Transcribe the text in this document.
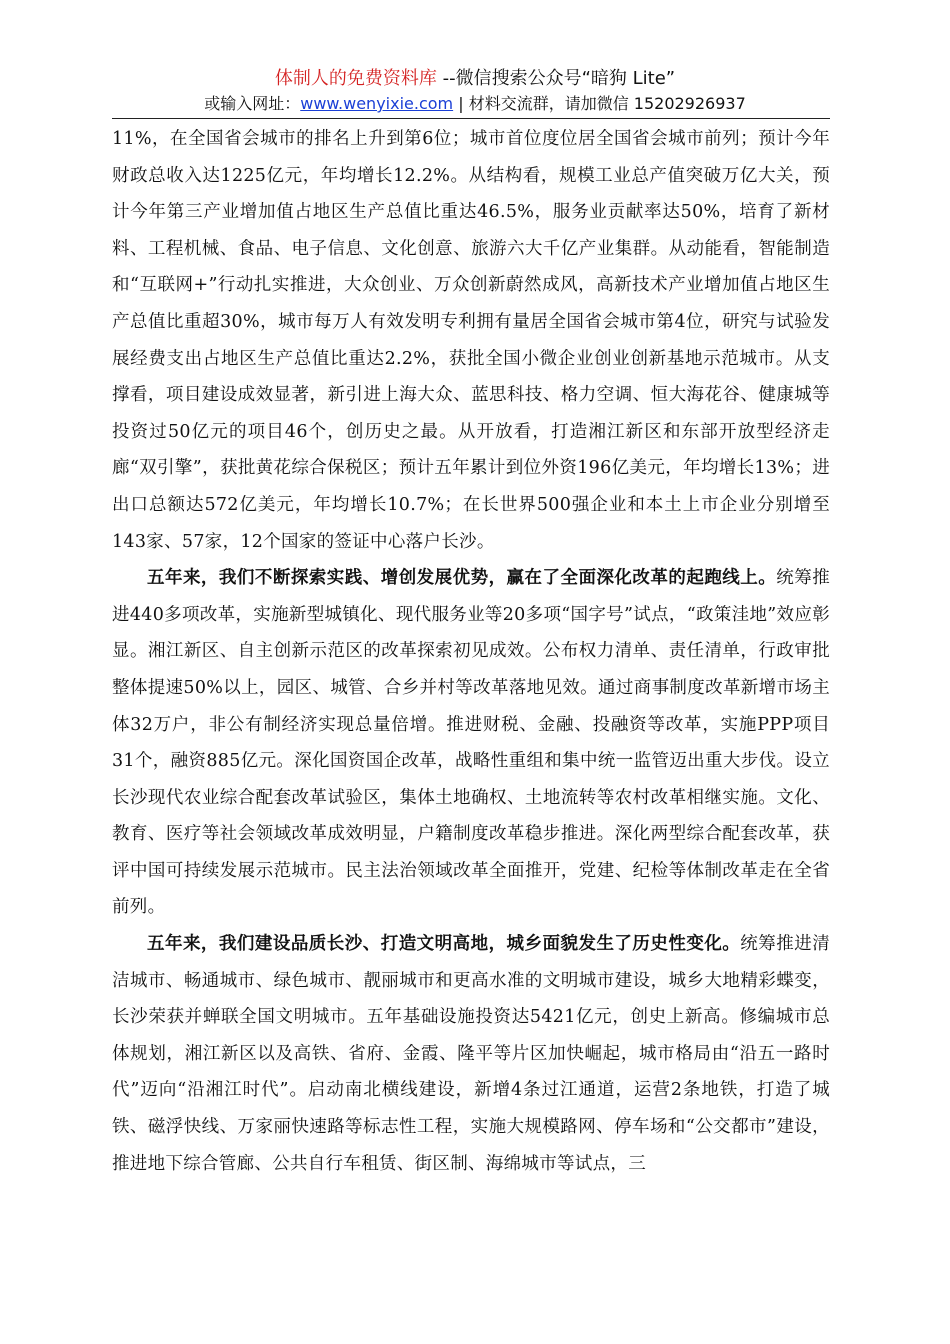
体制人的免费资料库 --微信搜索公众号“暗狗 Lite”
或输入网址：www.wenyixie.com | 材料交流群，请加微信 15202926937

11%，在全国省会城市的排名上升到第6位；城市首位度位居全国省会城市前列；预计今年财政总收入达1225亿元，年均增长12.2%。从结构看，规模工业总产值突破万亿大关，预计今年第三产业增加值占地区生产总值比重达46.5%，服务业贡献率达50%，培育了新材料、工程机械、食品、电子信息、文化创意、旅游六大千亿产业集群。从动能看，智能制造和“互联网+”行动扎实推进，大众创业、万众创新蔚然成风，高新技术产业增加值占地区生产总值比重超30%，城市每万人有效发明专利拥有量居全国省会城市第4位，研究与试验发展经费支出占地区生产总值比重达2.2%，获批全国小微企业创业创新基地示范城市。从支撑看，项目建设成效显著，新引进上海大众、蓝思科技、格力空调、恒大海花谷、健康城等投资过50亿元的项目46个，创历史之最。从开放看，打造湘江新区和东部开放型经济走廊“双引擎”，获批黄花综合保税区；预计五年累计到位外资196亿美元，年均增长13%；进出口总额达572亿美元，年均增长10.7%；在长世界500强企业和本土上市企业分别增至143家、57家，12个国家的签证中心落户长沙。

五年来，我们不断探索实践、增创发展优势，赢在了全面深化改革的起跑线上。统筹推进440多项改革，实施新型城镇化、现代服务业等20多项“国字号”试点，“政策洼地”效应彰显。湘江新区、自主创新示范区的改革探索初见成效。公布权力清单、责任清单，行政审批整体提速50%以上，园区、城管、合乡并村等改革落地见效。通过商事制度改革新增市场主体32万户，非公有制经济实现总量倍增。推进财税、金融、投融资等改革，实施PPP项目31个，融资885亿元。深化国资国企改革，战略性重组和集中统一监管迈出重大步伐。设立长沙现代农业综合配套改革试验区，集体土地确权、土地流转等农村改革相继实施。文化、教育、医疗等社会领域改革成效明显，户籍制度改革稳步推进。深化两型综合配套改革，获评中国可持续发展示范城市。民主法治领域改革全面推开，党建、纪检等体制改革走在全省前列。

五年来，我们建设品质长沙、打造文明高地，城乡面貌发生了历史性变化。统筹推进清洁城市、畅通城市、绿色城市、靓丽城市和更高水准的文明城市建设，城乡大地精彩蝶变，长沙荣获并蝉联全国文明城市。五年基础设施投资达5421亿元，创史上新高。修编城市总体规划，湘江新区以及高铁、省府、金霞、隆平等片区加快崛起，城市格局由“沿五一路时代”迈向“沿湘江时代”。启动南北横线建设，新增4条过江通道，运营2条地铁，打造了城铁、磁浮快线、万家丽快速路等标志性工程，实施大规模路网、停车场和“公交都市”建设，推进地下综合管廊、公共自行车租赁、街区制、海绵城市等试点，三
